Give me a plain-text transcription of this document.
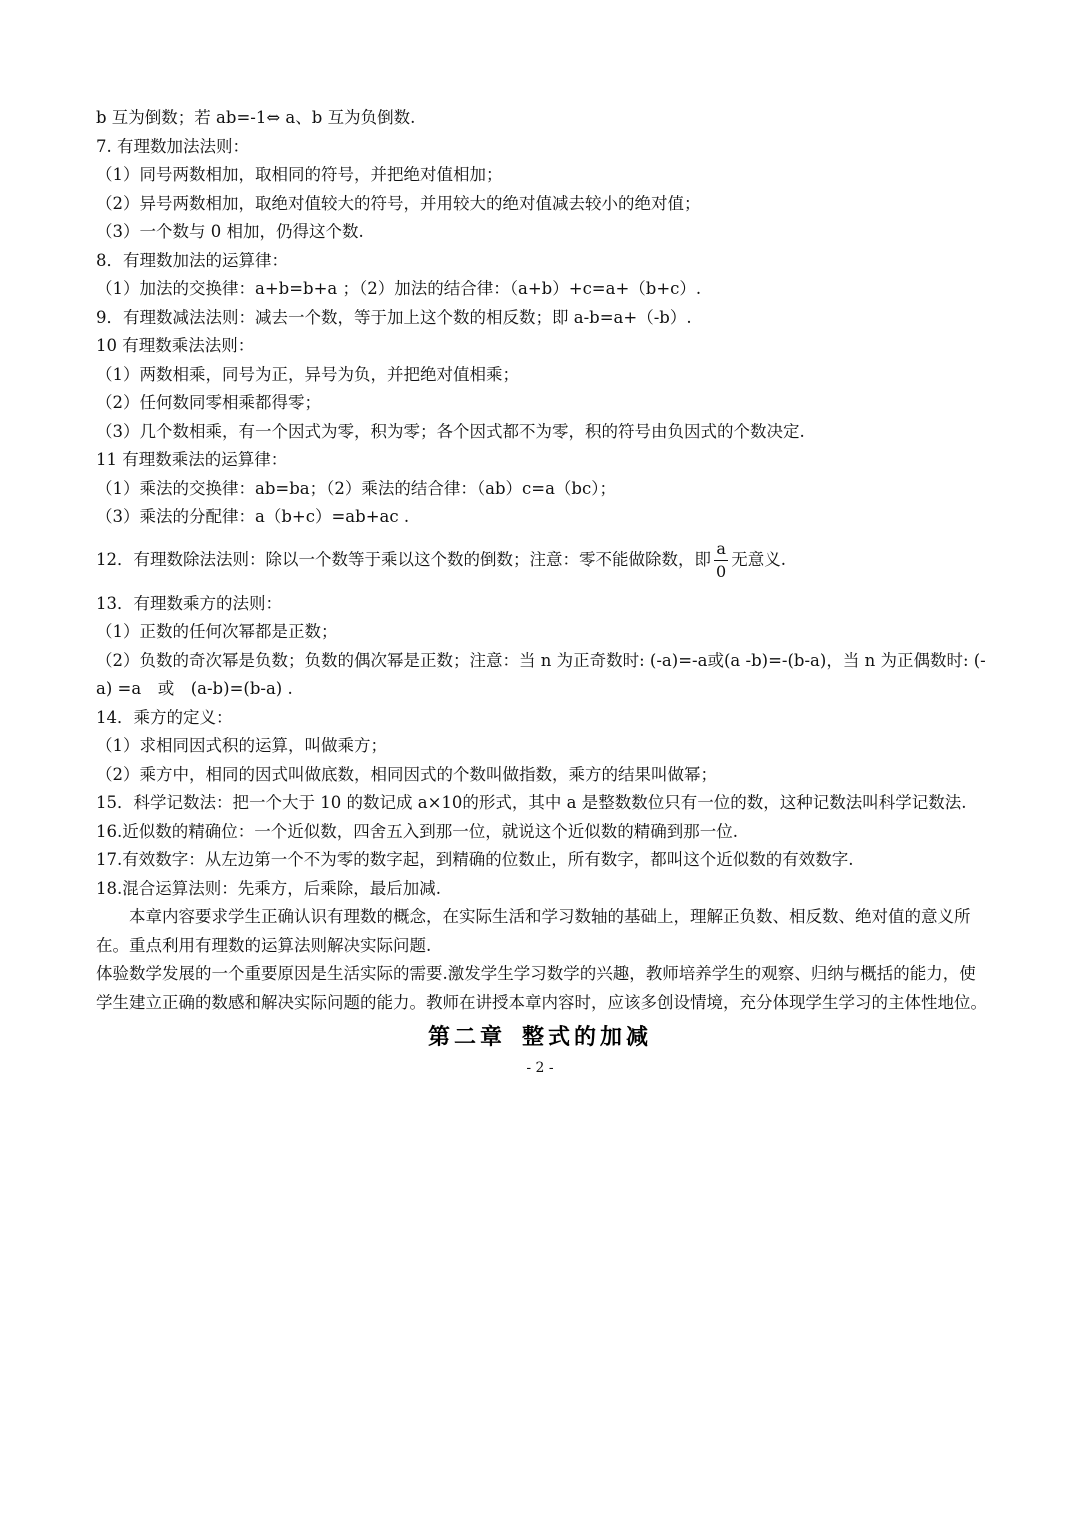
b 互为倒数；若 ab=-1⇔ a、b 互为负倒数.
7. 有理数加法法则：
（1）同号两数相加，取相同的符号，并把绝对值相加；
（2）异号两数相加，取绝对值较大的符号，并用较大的绝对值减去较小的绝对值；
（3）一个数与 0 相加，仍得这个数.
8．有理数加法的运算律：
（1）加法的交换律：a+b=b+a ；（2）加法的结合律：（a+b）+c=a+（b+c）.
9．有理数减法法则：减去一个数，等于加上这个数的相反数；即 a-b=a+（-b）.
10 有理数乘法法则：
（1）两数相乘，同号为正，异号为负，并把绝对值相乘；
（2）任何数同零相乘都得零；
（3）几个数相乘，有一个因式为零，积为零；各个因式都不为零，积的符号由负因式的个数决定.
11 有理数乘法的运算律：
（1）乘法的交换律：ab=ba；（2）乘法的结合律：（ab）c=a（bc）；
（3）乘法的分配律：a（b+c）=ab+ac .
12．有理数除法法则：除以一个数等于乘以这个数的倒数；注意：零不能做除数，即 $\frac{a}{0}$ 无意义.
13．有理数乘方的法则：
（1）正数的任何次幂都是正数；
（2）负数的奇次幂是负数；负数的偶次幂是正数；注意：当 n 为正奇数时: (-a)=-a或(a -b)=-(b-a)，当 n 为正偶数时: (-a) =a　或　(a-b)=(b-a) .
14．乘方的定义：
（1）求相同因式积的运算，叫做乘方；
（2）乘方中，相同的因式叫做底数，相同因式的个数叫做指数，乘方的结果叫做幂；
15．科学记数法：把一个大于 10 的数记成 a×10的形式，其中 a 是整数数位只有一位的数，这种记数法叫科学记数法.
16.近似数的精确位：一个近似数，四舍五入到那一位，就说这个近似数的精确到那一位.
17.有效数字：从左边第一个不为零的数字起，到精确的位数止，所有数字，都叫这个近似数的有效数字.
18.混合运算法则：先乘方，后乘除，最后加减.
本章内容要求学生正确认识有理数的概念，在实际生活和学习数轴的基础上，理解正负数、相反数、绝对值的意义所在。重点利用有理数的运算法则解决实际问题.
体验数学发展的一个重要原因是生活实际的需要.激发学生学习数学的兴趣，教师培养学生的观察、归纳与概括的能力，使学生建立正确的数感和解决实际问题的能力。教师在讲授本章内容时，应该多创设情境，充分体现学生学习的主体性地位。
第二章 整式的加减
- 2 -
